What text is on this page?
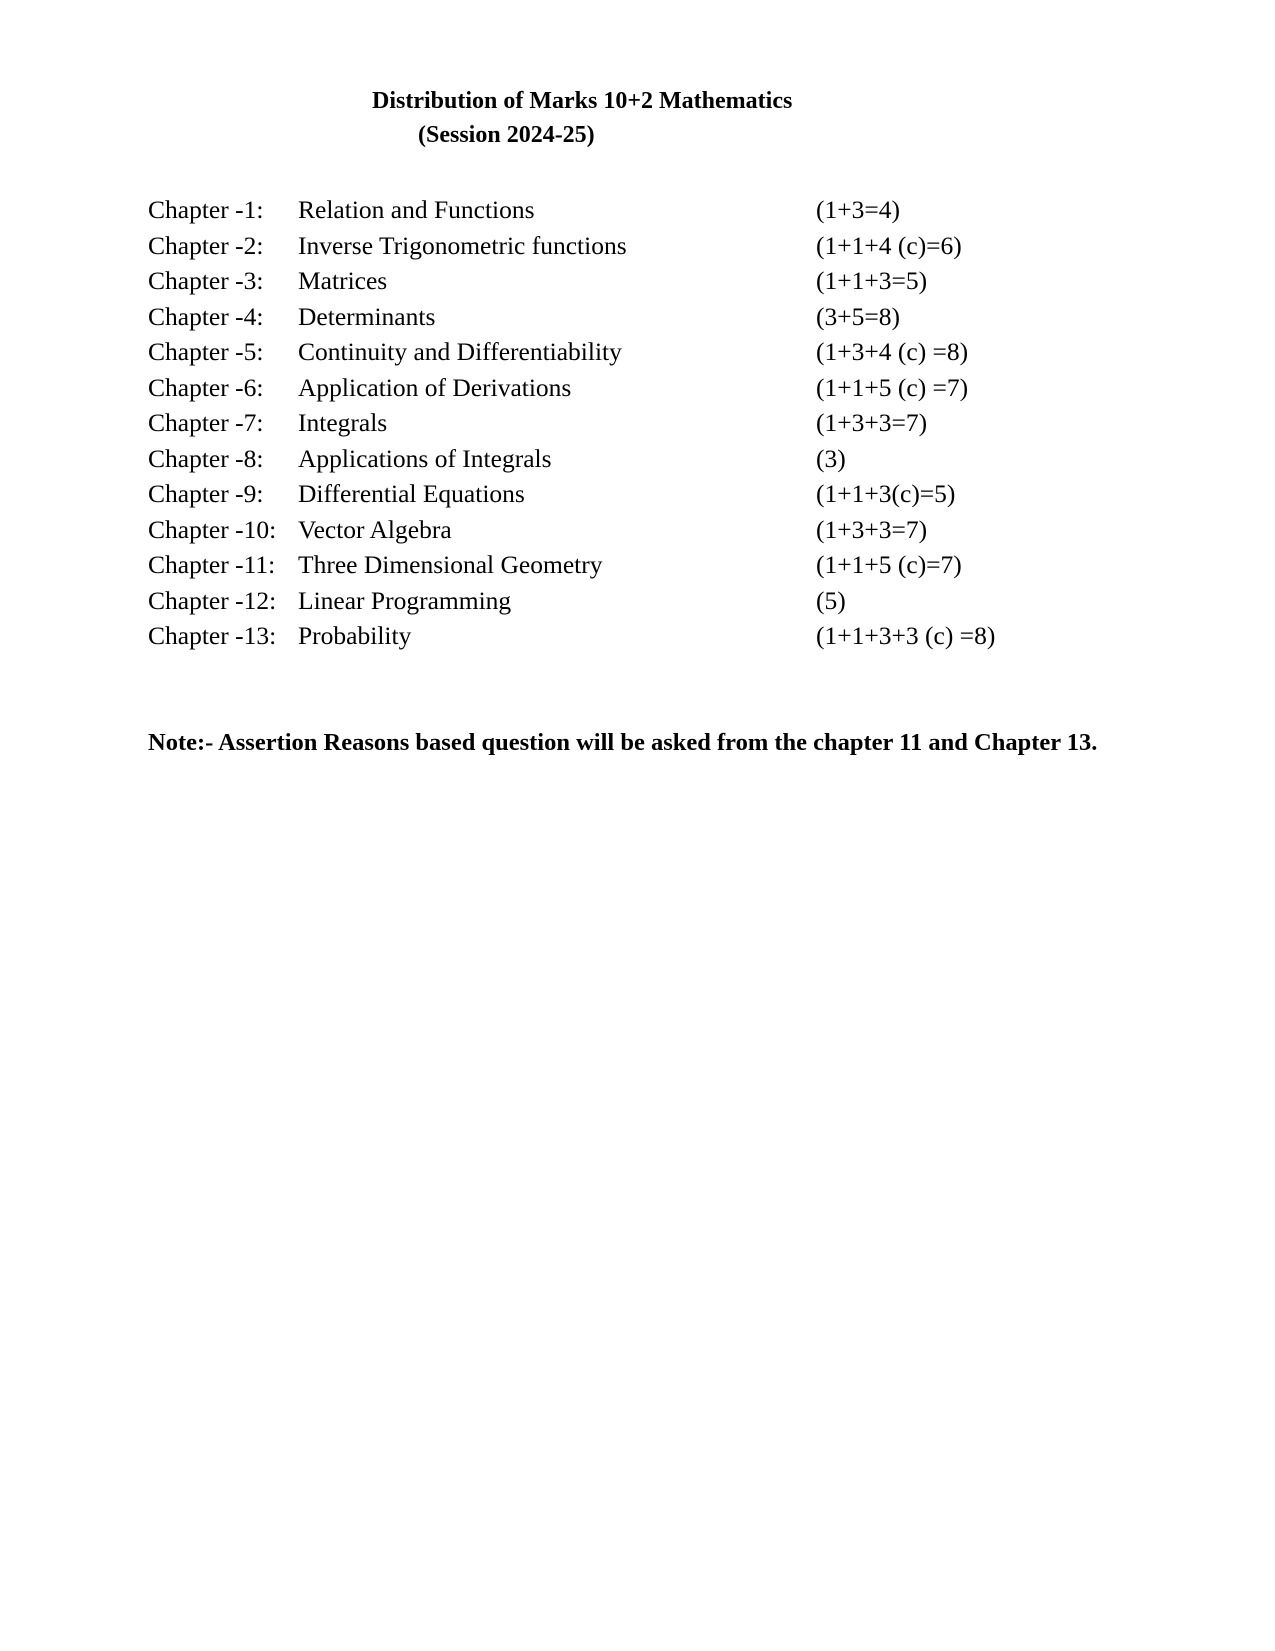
Distribution of Marks 10+2 Mathematics
(Session 2024-25)
Chapter -1: Relation and Functions	(1+3=4)
Chapter -2: Inverse Trigonometric functions	(1+1+4 (c)=6)
Chapter -3: Matrices	(1+1+3=5)
Chapter -4: Determinants	(3+5=8)
Chapter -5: Continuity and Differentiability	(1+3+4 (c) =8)
Chapter -6: Application of Derivations	(1+1+5 (c) =7)
Chapter -7: Integrals	(1+3+3=7)
Chapter -8: Applications of Integrals	(3)
Chapter -9: Differential Equations	(1+1+3(c)=5)
Chapter -10: Vector Algebra	(1+3+3=7)
Chapter -11: Three Dimensional Geometry	(1+1+5 (c)=7)
Chapter -12: Linear Programming	(5)
Chapter -13: Probability	(1+1+3+3 (c) =8)
Note:- Assertion Reasons based question will be asked from the chapter 11 and Chapter 13.
